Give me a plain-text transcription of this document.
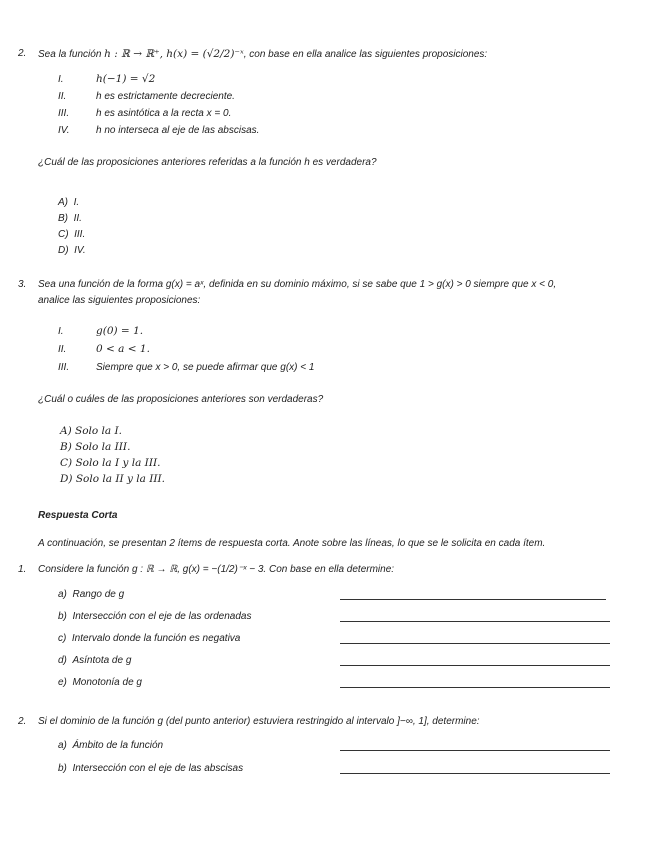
2. Sea la función h : ℝ → ℝ⁺, h(x) = (√2/2)⁻ˣ, con base en ella analice las siguientes proposiciones:
I.	h(−1) = √2
II.	h es estrictamente decreciente.
III.	h es asintótica a la recta x = 0.
IV.	h no interseca al eje de las abscisas.
¿Cuál de las proposiciones anteriores referidas a la función h es verdadera?
A) I.
B) II.
C) III.
D) IV.
3. Sea una función de la forma g(x) = aˣ, definida en su dominio máximo, si se sabe que 1 > g(x) > 0 siempre que x < 0,
analice las siguientes proposiciones:
I.	g(0) = 1.
II.	0 < a < 1.
III.	Siempre que x > 0, se puede afirmar que g(x) < 1
¿Cuál o cuáles de las proposiciones anteriores son verdaderas?
A) Solo la I.
B) Solo la III.
C) Solo la I y la III.
D) Solo la II y la III.
Respuesta Corta
A continuación, se presentan 2 ítems de respuesta corta. Anote sobre las líneas, lo que se le solicita en cada ítem.
1. Considere la función g : ℝ → ℝ, g(x) = −(1/2)⁻ˣ − 3. Con base en ella determine:
a) Rango de g
b) Intersección con el eje de las ordenadas
c) Intervalo donde la función es negativa
d) Asíntota de g
e) Monotonía de g
2. Si el dominio de la función g (del punto anterior) estuviera restringido al intervalo ]−∞, 1], determine:
a) Ámbito de la función
b) Intersección con el eje de las abscisas
